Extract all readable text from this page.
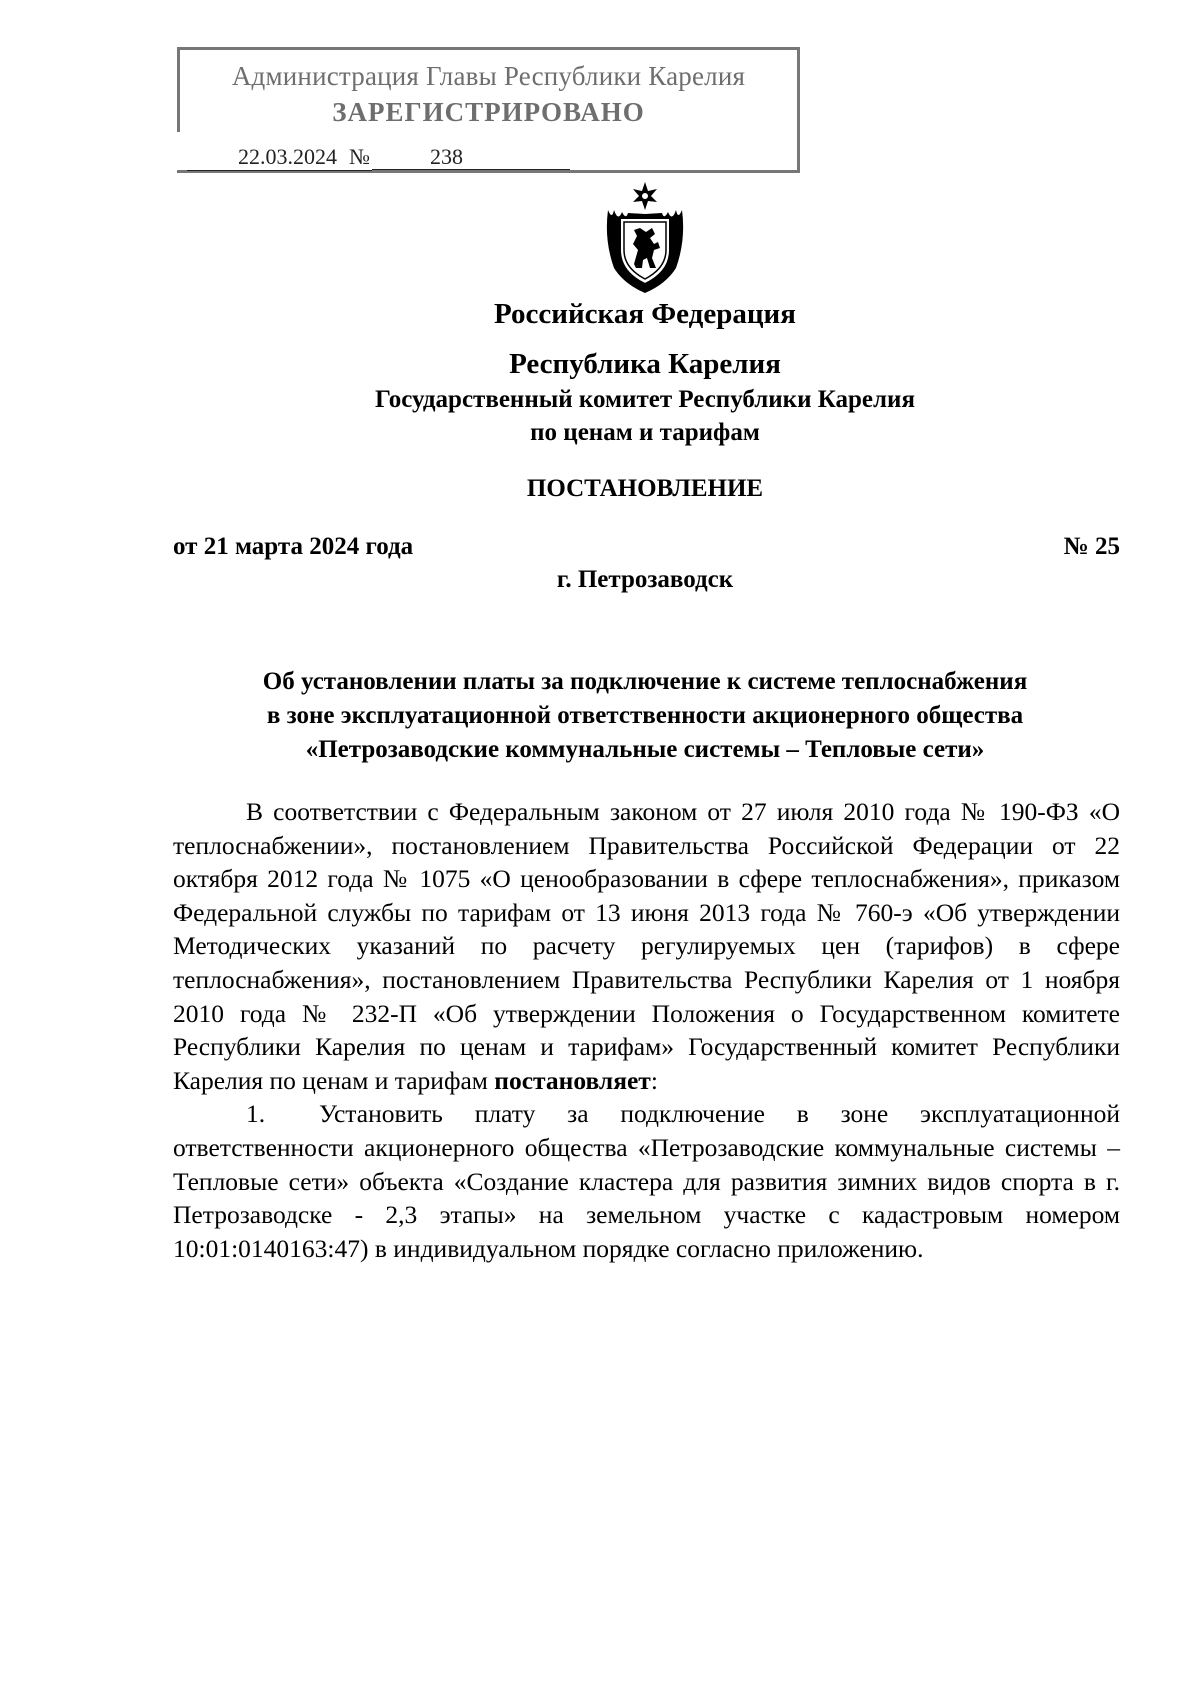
Администрация Главы Республики Карелия
ЗАРЕГИСТРИРОВАНО
22.03.2024 №	238
Российская Федерация
Республика Карелия
Государственный комитет Республики Карелия
по ценам и тарифам
ПОСТАНОВЛЕНИЕ
от 21 марта 2024 года	№ 25
г. Петрозаводск
Об установлении платы за подключение к системе теплоснабжения
в зоне эксплуатационной ответственности акционерного общества
«Петрозаводские коммунальные системы – Тепловые сети»

В соответствии с Федеральным законом от 27 июля 2010 года № 190-ФЗ «О теплоснабжении», постановлением Правительства Российской Федерации от 22 октября 2012 года № 1075 «О ценообразовании в сфере теплоснабжения», приказом Федеральной службы по тарифам от 13 июня 2013 года № 760-э «Об утверждении Методических указаний по расчету регулируемых цен (тарифов) в сфере теплоснабжения», постановлением Правительства Республики Карелия от 1 ноября 2010 года № 232-П «Об утверждении Положения о Государственном комитете Республики Карелия по ценам и тарифам» Государственный комитет Республики Карелия по ценам и тарифам постановляет:

1. Установить плату за подключение в зоне эксплуатационной ответственности акционерного общества «Петрозаводские коммунальные системы – Тепловые сети» объекта «Создание кластера для развития зимних видов спорта в г. Петрозаводске - 2,3 этапы» на земельном участке с кадастровым номером 10:01:0140163:47) в индивидуальном порядке согласно приложению.
